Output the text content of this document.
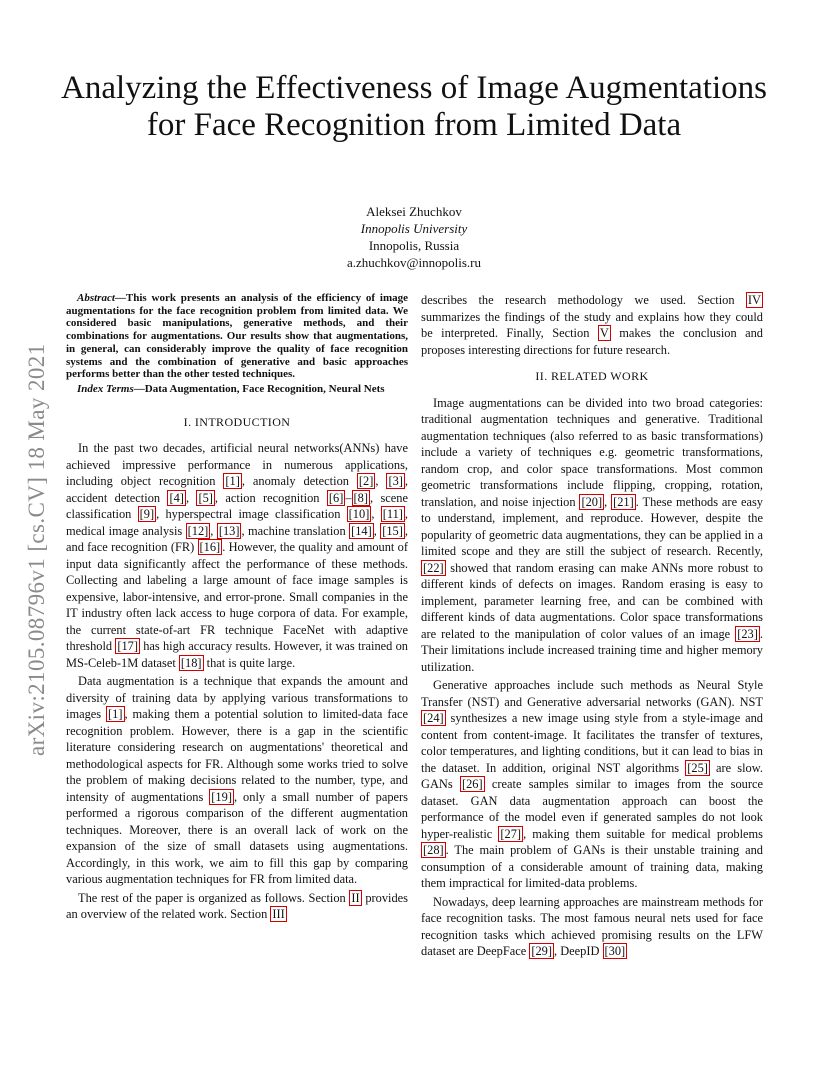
arXiv:2105.08796v1 [cs.CV] 18 May 2021
Analyzing the Effectiveness of Image Augmentations for Face Recognition from Limited Data
Aleksei Zhuchkov
Innopolis University
Innopolis, Russia
a.zhuchkov@innopolis.ru

Abstract—This work presents an analysis of the efficiency of image augmentations for the face recognition problem from limited data. We considered basic manipulations, generative methods, and their combinations for augmentations. Our results show that augmentations, in general, can considerably improve the quality of face recognition systems and the combination of generative and basic approaches performs better than the other tested techniques.

Index Terms—Data Augmentation, Face Recognition, Neural Nets

I. INTRODUCTION

In the past two decades, artificial neural networks(ANNs) have achieved impressive performance in numerous applications, including object recognition [1] , anomaly detection [2] , [3] , accident detection [4] , [5] , action recognition [6] – [8] , scene classification [9] , hyperspectral image classification [10] , [11] , medical image analysis [12] , [13] , machine translation [14] , [15] , and face recognition (FR) [16] . However, the quality and amount of input data significantly affect the performance of these methods. Collecting and labeling a large amount of face image samples is expensive, labor-intensive, and error-prone. Small companies in the IT industry often lack access to huge corpora of data. For example, the current state-of-art FR technique FaceNet with adaptive threshold [17] has high accuracy results. However, it was trained on MS-Celeb-1M dataset [18] that is quite large.

Data augmentation is a technique that expands the amount and diversity of training data by applying various transformations to images [1] , making them a potential solution to limited-data face recognition problem. However, there is a gap in the scientific literature considering research on augmentations' theoretical and methodological aspects for FR. Although some works tried to solve the problem of making decisions related to the number, type, and intensity of augmentations [19] , only a small number of papers performed a rigorous comparison of the different augmentation techniques. Moreover, there is an overall lack of work on the expansion of the size of small datasets using augmentations. Accordingly, in this work, we aim to fill this gap by comparing various augmentation techniques for FR from limited data.

The rest of the paper is organized as follows. Section II provides an overview of the related work. Section III

describes the research methodology we used. Section IV summarizes the findings of the study and explains how they could be interpreted. Finally, Section V makes the conclusion and proposes interesting directions for future research.

II. RELATED WORK

Image augmentations can be divided into two broad categories: traditional augmentation techniques and generative. Traditional augmentation techniques (also referred to as basic transformations) include a variety of techniques e.g. geometric transformations, random crop, and color space transformations. Most common geometric transformations include flipping, cropping, rotation, translation, and noise injection [20] , [21] . These methods are easy to understand, implement, and reproduce. However, despite the popularity of geometric data augmentations, they can be applied in a limited scope and they are still the subject of research. Recently, [22] showed that random erasing can make ANNs more robust to different kinds of defects on images. Random erasing is easy to implement, parameter learning free, and can be combined with different kinds of data augmentations. Color space transformations are related to the manipulation of color values of an image [23] . Their limitations include increased training time and higher memory utilization.

Generative approaches include such methods as Neural Style Transfer (NST) and Generative adversarial networks (GAN). NST [24] synthesizes a new image using style from a style-image and content from content-image. It facilitates the transfer of textures, color temperatures, and lighting conditions, but it can lead to bias in the dataset. In addition, original NST algorithms [25] are slow. GANs [26] create samples similar to images from the source dataset. GAN data augmentation approach can boost the performance of the model even if generated samples do not look hyper-realistic [27] , making them suitable for medical problems [28] . The main problem of GANs is their unstable training and consumption of a considerable amount of training data, making them impractical for limited-data problems.

Nowadays, deep learning approaches are mainstream methods for face recognition tasks. The most famous neural nets used for face recognition tasks which achieved promising results on the LFW dataset are DeepFace [29] , DeepID [30]
